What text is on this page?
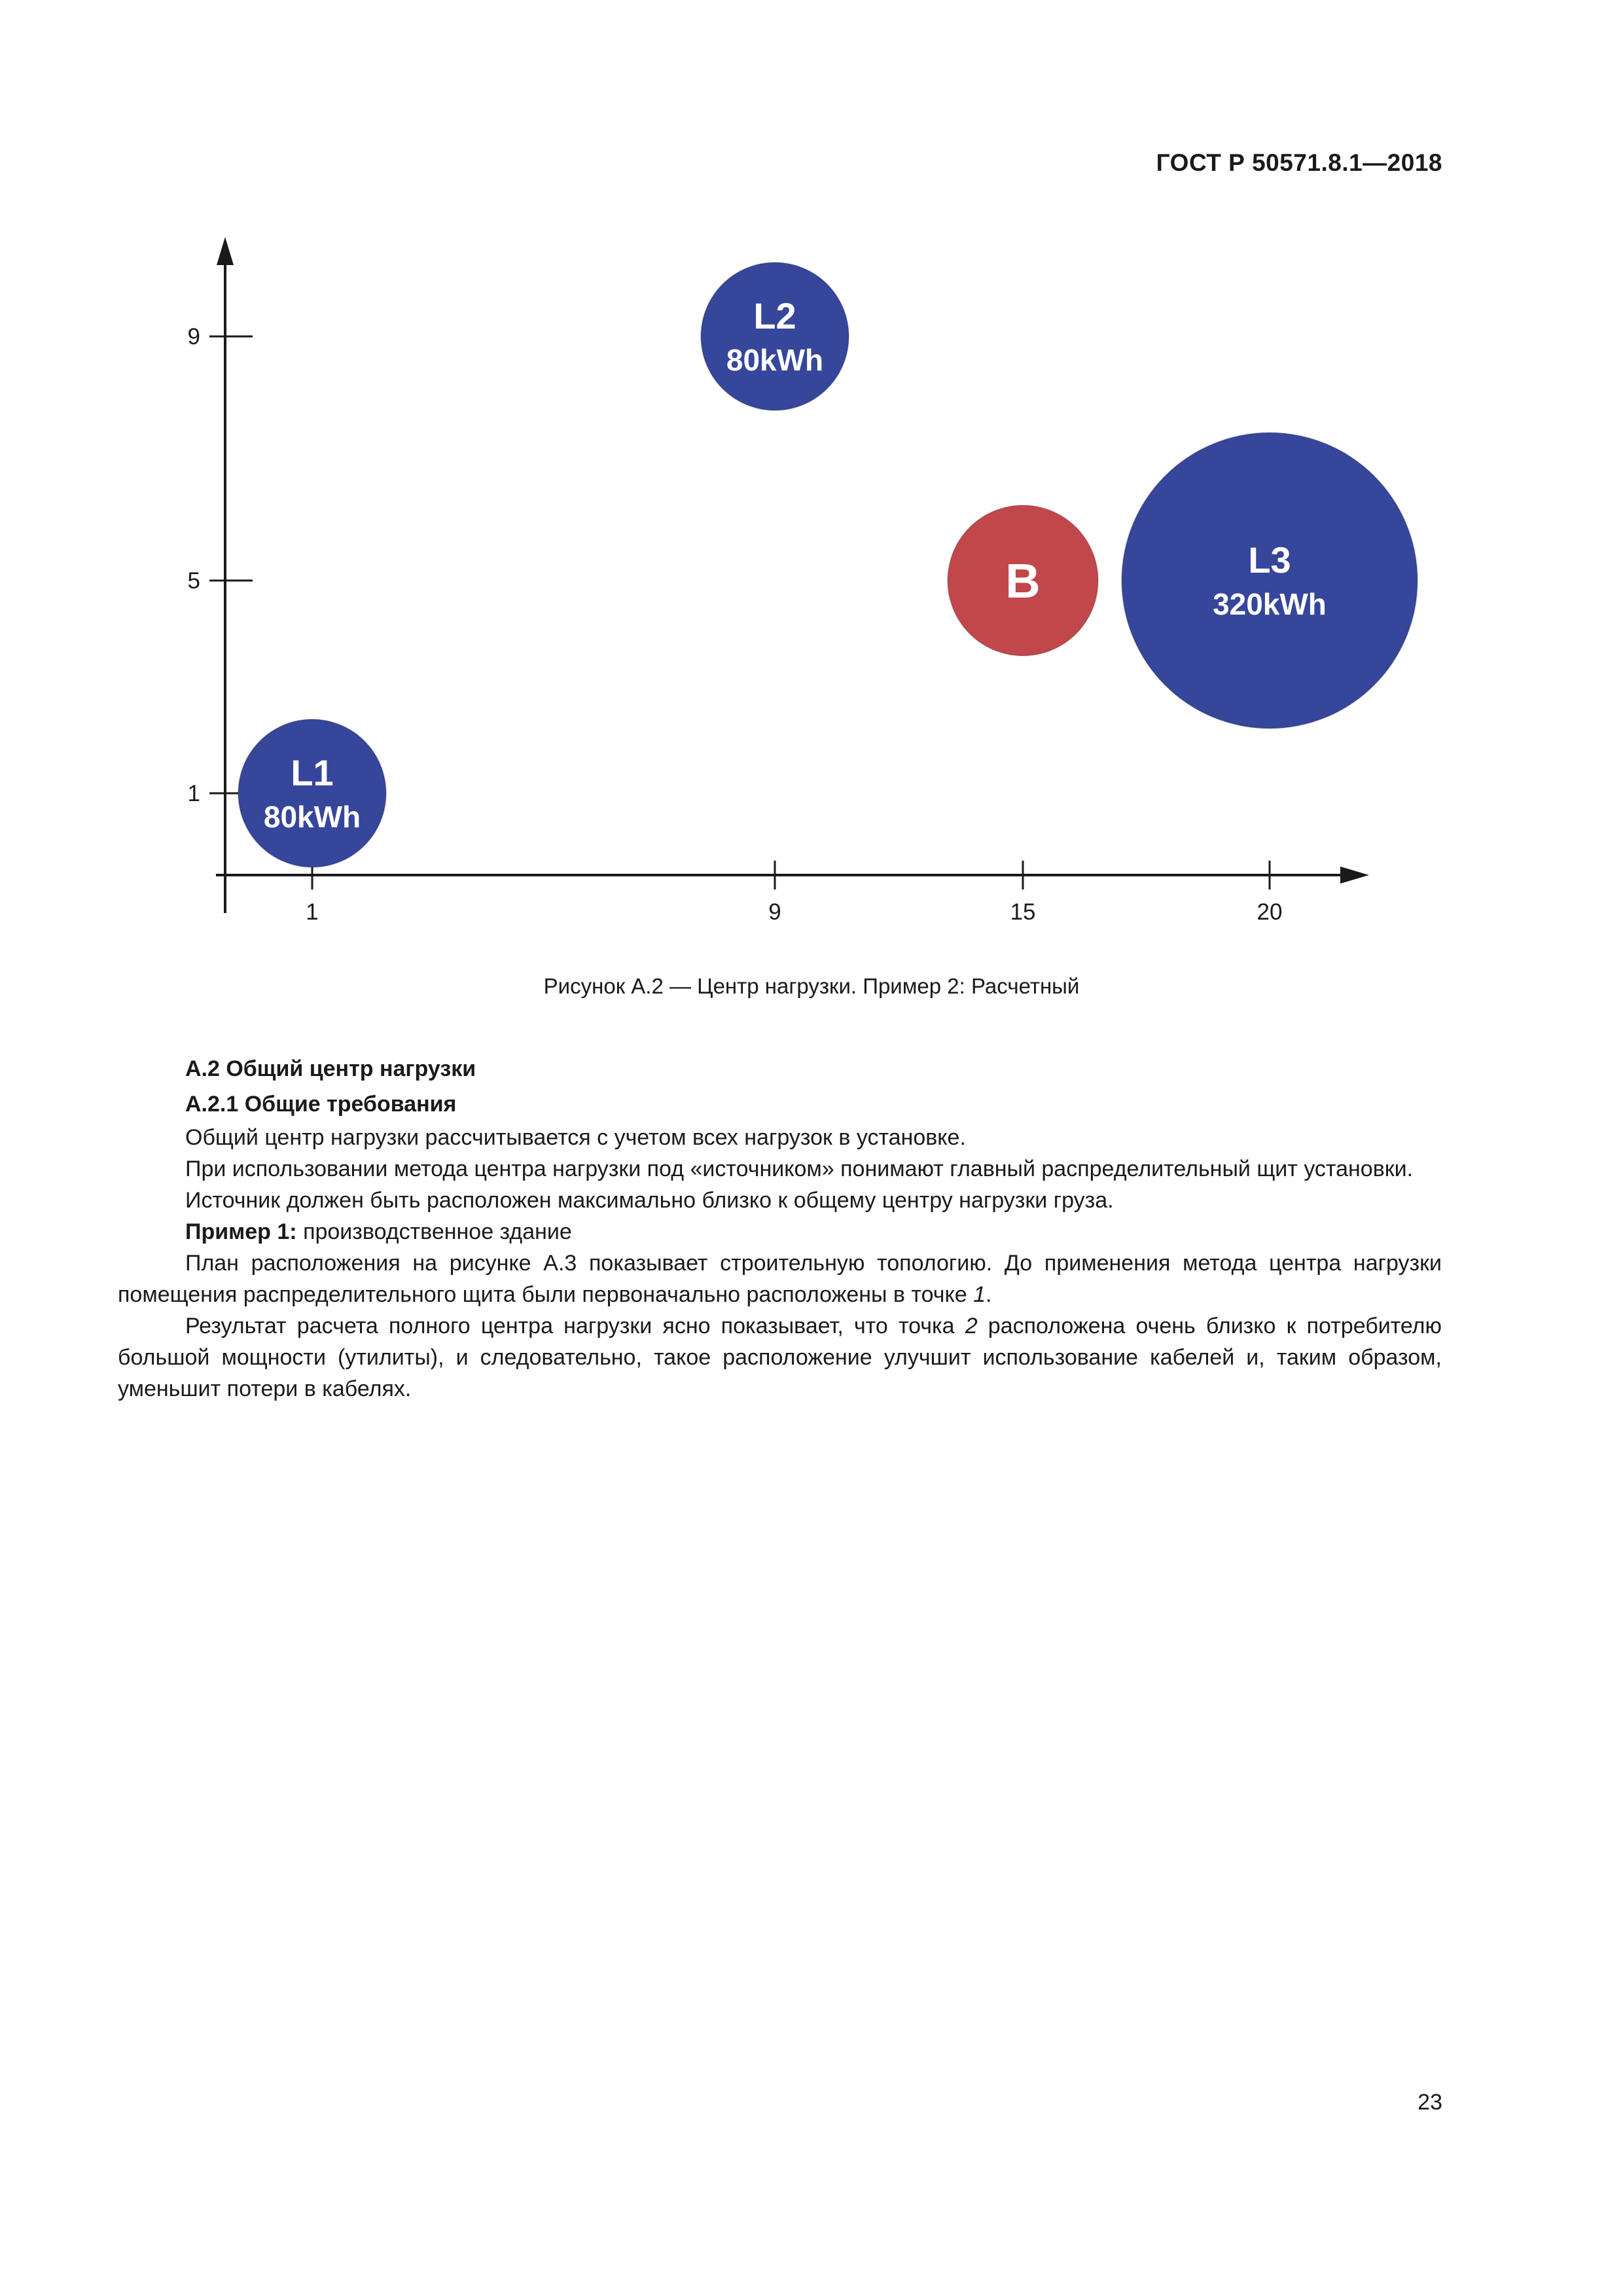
ГОСТ Р 50571.8.1—2018
1
5
9
1	9	15	20
L1
80kWh
L2
80kWh
B	L3
320kWh
Рисунок А.2 — Центр нагрузки. Пример 2: Расчетный
А.2 Общий центр нагрузки
А.2.1 Общие требования

Общий центр нагрузки рассчитывается с учетом всех нагрузок в установке.

При использовании метода центра нагрузки под «источником» понимают главный распределительный щит установки.

Источник должен быть расположен максимально близко к общему центру нагрузки груза.

Пример 1: производственное здание

План расположения на рисунке А.3 показывает строительную топологию. До применения метода центра нагрузки помещения распределительного щита были первоначально расположены в точке 1.

Результат расчета полного центра нагрузки ясно показывает, что точка 2 расположена очень близко к потребителю большой мощности (утилиты), и следовательно, такое расположение улучшит использование кабелей и, таким образом, уменьшит потери в кабелях.

23
